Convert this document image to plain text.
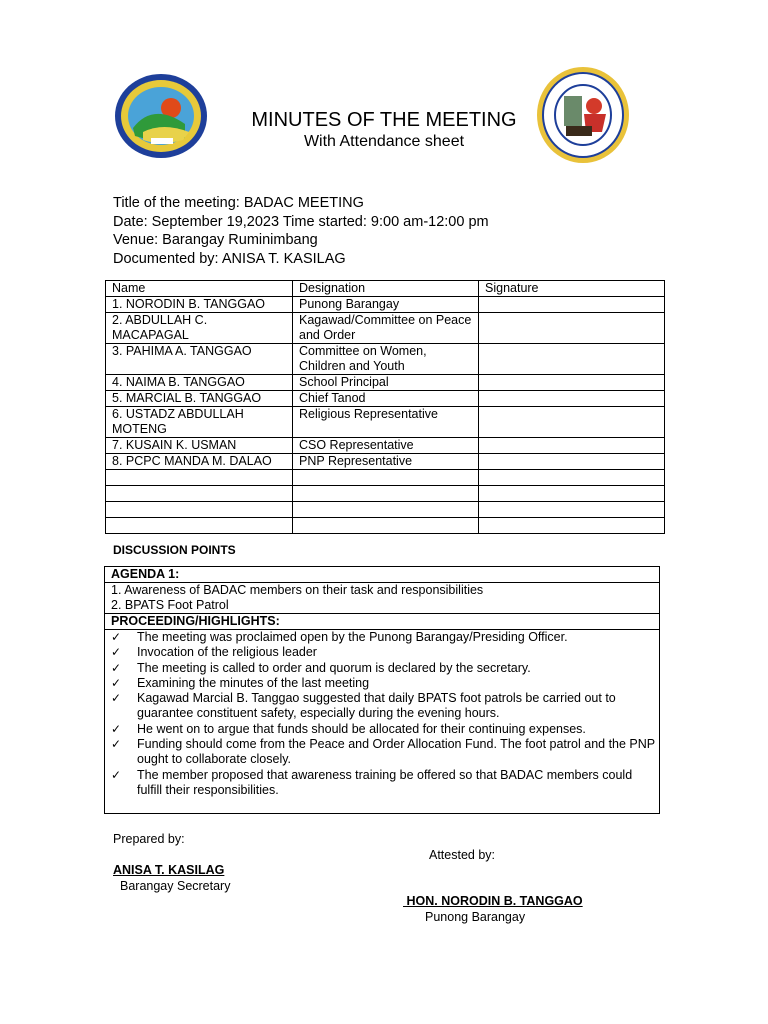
MINUTES OF THE MEETING
With Attendance sheet
Title of the meeting: BADAC MEETING
Date: September 19,2023 Time started: 9:00 am-12:00 pm
Venue: Barangay Ruminimbang
Documented by: ANISA T. KASILAG
Name	Designation	Signature
1. NORODIN B. TANGGAO	Punong Barangay	
2. ABDULLAH C. MACAPAGAL	Kagawad/Committee on Peace and Order	
3. PAHIMA A. TANGGAO	Committee on Women, Children and Youth	
4. NAIMA B. TANGGAO	School Principal	
5. MARCIAL B. TANGGAO	Chief Tanod	
6. USTADZ ABDULLAH MOTENG	Religious Representative	
7. KUSAIN K. USMAN	CSO Representative	
8. PCPC MANDA M. DALAO	PNP Representative	

DISCUSSION POINTS
AGENDA 1:
1. Awareness of BADAC members on their task and responsibilities
2. BPATS Foot Patrol
PROCEEDING/HIGHLIGHTS:
✓	The meeting was proclaimed open by the Punong Barangay/Presiding Officer.
✓	Invocation of the religious leader
✓	The meeting is called to order and quorum is declared by the secretary.
✓	Examining the minutes of the last meeting
✓	Kagawad Marcial B. Tanggao suggested that daily BPATS foot patrols be carried out to guarantee constituent safety, especially during the evening hours.
✓	He went on to argue that funds should be allocated for their continuing expenses.
✓	Funding should come from the Peace and Order Allocation Fund. The foot patrol and the PNP ought to collaborate closely.
✓	The member proposed that awareness training be offered so that BADAC members could fulfill their responsibilities.
Prepared by:
ANISA T. KASILAG
Barangay Secretary
Attested by:
HON. NORODIN B. TANGGAO
Punong Barangay
